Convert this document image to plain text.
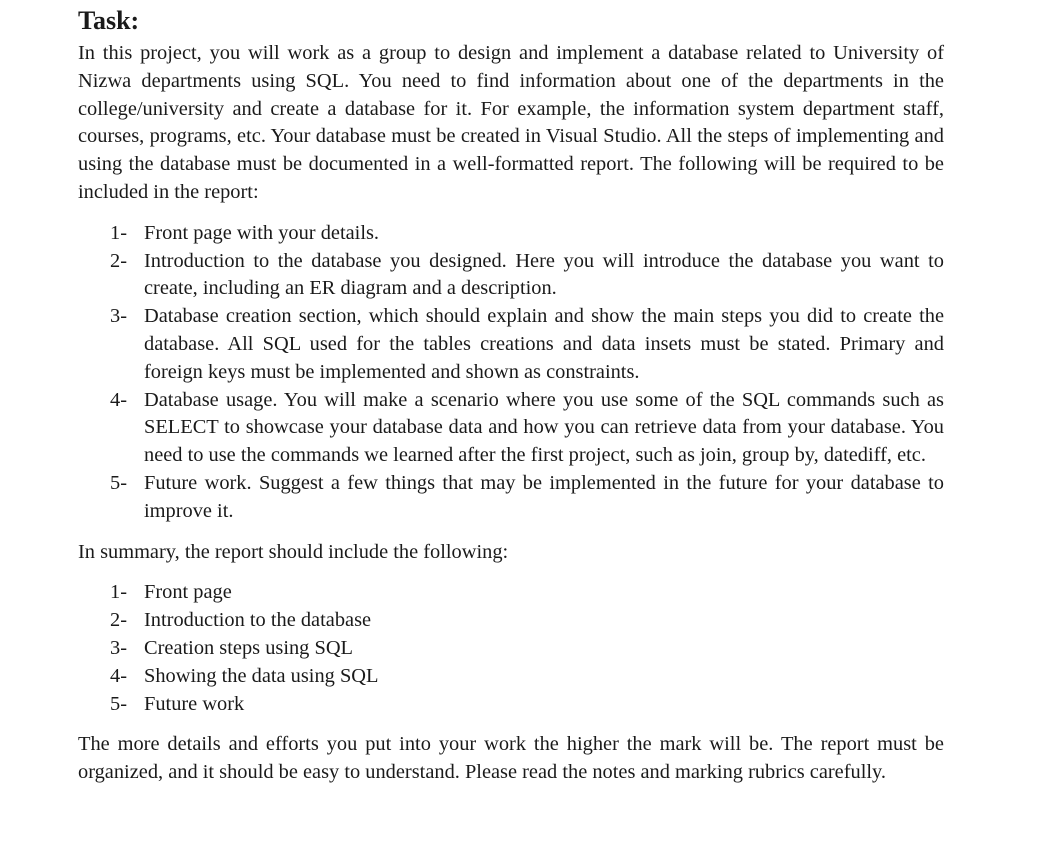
Task:

In this project, you will work as a group to design and implement a database related to University of Nizwa departments using SQL. You need to find information about one of the departments in the college/university and create a database for it. For example, the information system department staff, courses, programs, etc. Your database must be created in Visual Studio. All the steps of implementing and using the database must be documented in a well-formatted report. The following will be required to be included in the report:

1- Front page with your details.
2- Introduction to the database you designed. Here you will introduce the database you want to create, including an ER diagram and a description.
3- Database creation section, which should explain and show the main steps you did to create the database. All SQL used for the tables creations and data insets must be stated. Primary and foreign keys must be implemented and shown as constraints.
4- Database usage. You will make a scenario where you use some of the SQL commands such as SELECT to showcase your database data and how you can retrieve data from your database. You need to use the commands we learned after the first project, such as join, group by, datediff, etc.
5- Future work. Suggest a few things that may be implemented in the future for your database to improve it.

In summary, the report should include the following:

1- Front page
2- Introduction to the database
3- Creation steps using SQL
4- Showing the data using SQL
5- Future work

The more details and efforts you put into your work the higher the mark will be. The report must be organized, and it should be easy to understand. Please read the notes and marking rubrics carefully.
